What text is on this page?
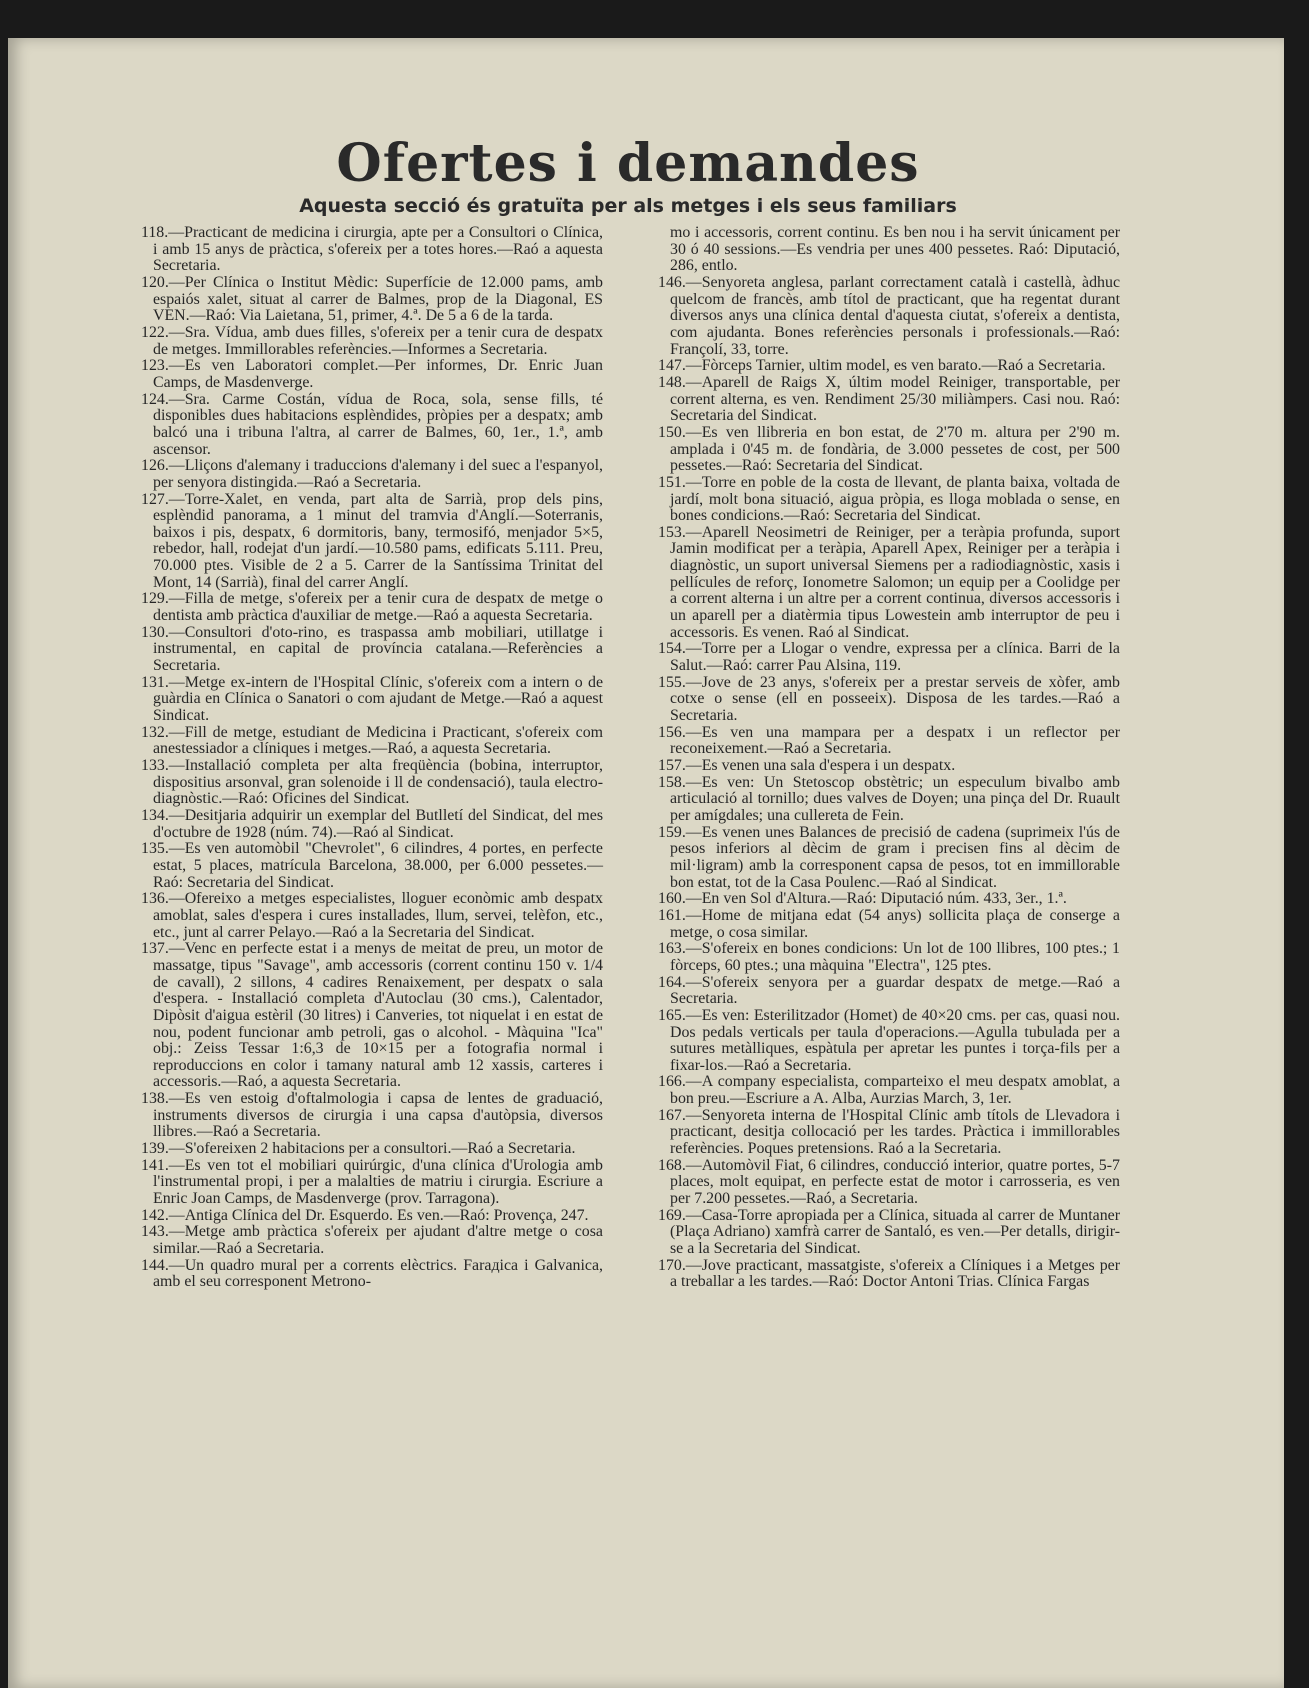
Ofertes i demandes
Aquesta secció és gratuïta per als metges i els seus familiars

118.—Practicant de medicina i cirurgia, apte per a Consultori o Clínica, i amb 15 anys de pràctica, s'ofereix per a totes hores.—Raó a aquesta Secretaria.

120.—Per Clínica o Institut Mèdic: Superfície de 12.000 pams, amb espaiós xalet, situat al carrer de Balmes, prop de la Diagonal, ES VEN.—Raó: Via Laietana, 51, primer, 4.ª. De 5 a 6 de la tarda.

122.—Sra. Vídua, amb dues filles, s'ofereix per a tenir cura de despatx de metges. Immillorables referències.—Informes a Secretaria.

123.—Es ven Laboratori complet.—Per informes, Dr. Enric Juan Camps, de Masdenverge.

124.—Sra. Carme Costán, vídua de Roca, sola, sense fills, té disponibles dues habitacions esplèndides, pròpies per a despatx; amb balcó una i tribuna l'altra, al carrer de Balmes, 60, 1er., 1.ª, amb ascensor.

126.—Lliçons d'alemany i traduccions d'alemany i del suec a l'espanyol, per senyora distingida.—Raó a Secretaria.

127.—Torre-Xalet, en venda, part alta de Sarrià, prop dels pins, esplèndid panorama, a 1 minut del tramvia d'Anglí.—Soterranis, baixos i pis, despatx, 6 dormitoris, bany, termosifó, menjador 5×5, rebedor, hall, rodejat d'un jardí.—10.580 pams, edificats 5.111. Preu, 70.000 ptes. Visible de 2 a 5. Carrer de la Santíssima Trinitat del Mont, 14 (Sarrià), final del carrer Anglí.

129.—Filla de metge, s'ofereix per a tenir cura de despatx de metge o dentista amb pràctica d'auxiliar de metge.—Raó a aquesta Secretaria.

130.—Consultori d'oto-rino, es traspassa amb mobiliari, utillatge i instrumental, en capital de província catalana.—Referències a Secretaria.

131.—Metge ex-intern de l'Hospital Clínic, s'ofereix com a intern o de guàrdia en Clínica o Sanatori o com ajudant de Metge.—Raó a aquest Sindicat.

132.—Fill de metge, estudiant de Medicina i Practicant, s'ofereix com anestessiador a clíniques i metges.—Raó, a aquesta Secretaria.

133.—Installació completa per alta freqüència (bobina, interruptor, dispositius arsonval, gran solenoide i ll de condensació), taula electro-diagnòstic.—Raó: Oficines del Sindicat.

134.—Desitjaria adquirir un exemplar del Butlletí del Sindicat, del mes d'octubre de 1928 (núm. 74).—Raó al Sindicat.

135.—Es ven automòbil "Chevrolet", 6 cilindres, 4 portes, en perfecte estat, 5 places, matrícula Barcelona, 38.000, per 6.000 pessetes.—Raó: Secretaria del Sindicat.

136.—Ofereixo a metges especialistes, lloguer econòmic amb despatx amoblat, sales d'espera i cures installades, llum, servei, telèfon, etc., etc., junt al carrer Pelayo.—Raó a la Secretaria del Sindicat.

137.—Venc en perfecte estat i a menys de meitat de preu, un motor de massatge, tipus "Savage", amb accessoris (corrent continu 150 v. 1/4 de cavall), 2 sillons, 4 cadires Renaixement, per despatx o sala d'espera. - Installació completa d'Autoclau (30 cms.), Calentador, Dipòsit d'aigua estèril (30 litres) i Canveries, tot niquelat i en estat de nou, podent funcionar amb petroli, gas o alcohol. - Màquina "Ica" obj.: Zeiss Tessar 1:6,3 de 10×15 per a fotografia normal i reproduccions en color i tamany natural amb 12 xassis, carteres i accessoris.—Raó, a aquesta Secretaria.

138.—Es ven estoig d'oftalmologia i capsa de lentes de graduació, instruments diversos de cirurgia i una capsa d'autòpsia, diversos llibres.—Raó a Secretaria.

139.—S'ofereixen 2 habitacions per a consultori.—Raó a Secretaria.

141.—Es ven tot el mobiliari quirúrgic, d'una clínica d'Urologia amb l'instrumental propi, i per a malalties de matriu i cirurgia. Escriure a Enric Joan Camps, de Masdenverge (prov. Tarragona).

142.—Antiga Clínica del Dr. Esquerdo. Es ven.—Raó: Provença, 247.

143.—Metge amb pràctica s'ofereix per ajudant d'altre metge o cosa similar.—Raó a Secretaria.

144.—Un quadro mural per a corrents elèctrics. Farадica i Galvanica, amb el seu corresponent Metrono-

mo i accessoris, corrent continu. Es ben nou i ha servit únicament per 30 ó 40 sessions.—Es vendria per unes 400 pessetes. Raó: Diputació, 286, entlo.

146.—Senyoreta anglesa, parlant correctament català i castellà, àdhuc quelcom de francès, amb títol de practicant, que ha regentat durant diversos anys una clínica dental d'aquesta ciutat, s'ofereix a dentista, com ajudanta. Bones referències personals i professionals.—Raó: Françolí, 33, torre.

147.—Fòrceps Tarnier, ultim model, es ven barato.—Raó a Secretaria.

148.—Aparell de Raigs X, últim model Reiniger, transportable, per corrent alterna, es ven. Rendiment 25/30 miliàmpers. Casi nou. Raó: Secretaria del Sindicat.

150.—Es ven llibreria en bon estat, de 2'70 m. altura per 2'90 m. amplada i 0'45 m. de fondària, de 3.000 pessetes de cost, per 500 pessetes.—Raó: Secretaria del Sindicat.

151.—Torre en poble de la costa de llevant, de planta baixa, voltada de jardí, molt bona situació, aigua pròpia, es lloga moblada o sense, en bones condicions.—Raó: Secretaria del Sindicat.

153.—Aparell Neosimetri de Reiniger, per a teràpia profunda, suport Jamin modificat per a teràpia, Aparell Apex, Reiniger per a teràpia i diagnòstic, un suport universal Siemens per a radiodiagnòstic, xasis i pellícules de reforç, Ionometre Salomon; un equip per a Coolidge per a corrent alterna i un altre per a corrent continua, diversos accessoris i un aparell per a diatèrmia tipus Lowestein amb interruptor de peu i accessoris. Es venen. Raó al Sindicat.

154.—Torre per a Llogar o vendre, expressa per a clínica. Barri de la Salut.—Raó: carrer Pau Alsina, 119.

155.—Jove de 23 anys, s'ofereix per a prestar serveis de xòfer, amb cotxe o sense (ell en posseeix). Disposa de les tardes.—Raó a Secretaria.

156.—Es ven una mampara per a despatx i un reflector per reconeixement.—Raó a Secretaria.

157.—Es venen una sala d'espera i un despatx.

158.—Es ven: Un Stetoscop obstètric; un especulum bivalbo amb articulació al tornillo; dues valves de Doyen; una pinça del Dr. Ruault per amígdales; una cullereta de Fein.

159.—Es venen unes Balances de precisió de cadena (suprimeix l'ús de pesos inferiors al dècim de gram i precisen fins al dècim de mil·ligram) amb la corresponent capsa de pesos, tot en immillorable bon estat, tot de la Casa Poulenc.—Raó al Sindicat.

160.—En ven Sol d'Altura.—Raó: Diputació núm. 433, 3er., 1.ª.

161.—Home de mitjana edat (54 anys) sollicita plaça de conserge a metge, o cosa similar.

163.—S'ofereix en bones condicions: Un lot de 100 llibres, 100 ptes.; 1 fòrceps, 60 ptes.; una màquina "Electra", 125 ptes.

164.—S'ofereix senyora per a guardar despatx de metge.—Raó a Secretaria.

165.—Es ven: Esterilitzador (Homet) de 40×20 cms. per cas, quasi nou. Dos pedals verticals per taula d'operacions.—Agulla tubulada per a sutures metàlliques, espàtula per apretar les puntes i torça-fils per a fixar-los.—Raó a Secretaria.

166.—A company especialista, comparteixo el meu despatx amoblat, a bon preu.—Escriure a A. Alba, Aurzias March, 3, 1er.

167.—Senyoreta interna de l'Hospital Clínic amb títols de Llevadora i practicant, desitja collocació per les tardes. Pràctica i immillorables referències. Poques pretensions. Raó a la Secretaria.

168.—Automòvil Fiat, 6 cilindres, conducció interior, quatre portes, 5-7 places, molt equipat, en perfecte estat de motor i carrosseria, es ven per 7.200 pessetes.—Raó, a Secretaria.

169.—Casa-Torre apropiada per a Clínica, situada al carrer de Muntaner (Plaça Adriano) xamfrà carrer de Santaló, es ven.—Per detalls, dirigir-se a la Secretaria del Sindicat.

170.—Jove practicant, massatgiste, s'ofereix a Clíniques i a Metges per a treballar a les tardes.—Raó: Doctor Antoni Trias. Clínica Fargas
